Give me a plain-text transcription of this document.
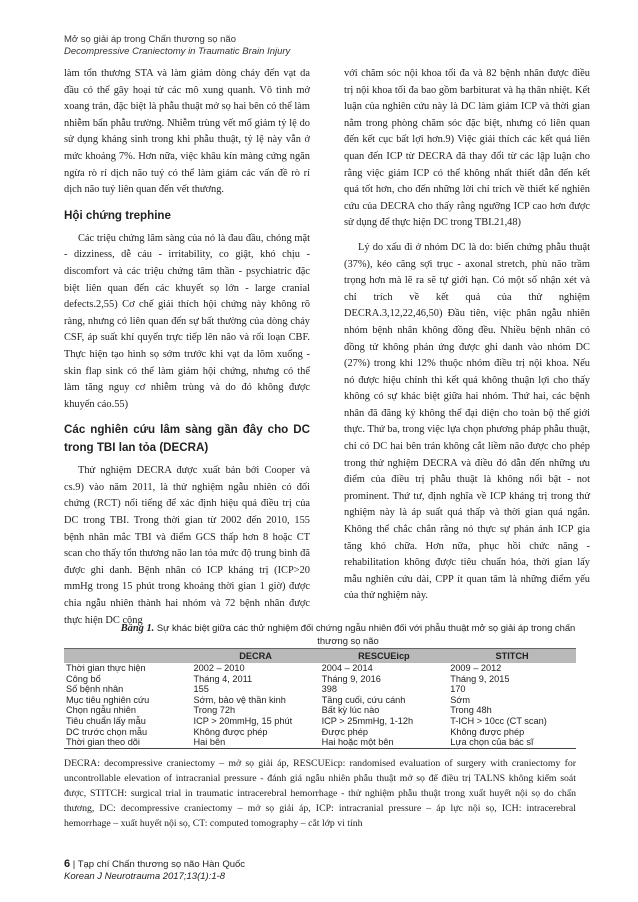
Mở sọ giải áp trong Chấn thương sọ não
Decompressive Craniectomy in Traumatic Brain Injury

làm tổn thương STA và làm giảm dòng chảy đến vạt da đầu có thể gây hoại tử các mô xung quanh. Vô tình mở xoang trán, đặc biệt là phẫu thuật mở sọ hai bên có thể làm nhiễm bẩn phẫu trường. Nhiễm trùng vết mổ giảm tỷ lệ do sử dụng kháng sinh trong khi phẫu thuật, tỷ lệ này vẫn ở mức khoảng 7%. Hơn nữa, việc khâu kín màng cứng ngăn ngừa rò rỉ dịch não tuỷ có thể làm giảm các vấn đề rò rỉ dịch não tuỷ liên quan đến vết thương.

Hội chứng trephine

Các triệu chứng lâm sàng của nó là đau đầu, chóng mặt - dizziness, dễ cáu - irritability, co giật, khó chịu - discomfort và các triệu chứng tâm thần - psychiatric đặc biệt liên quan đến các khuyết sọ lớn - large cranial defects.2,55) Cơ chế giải thích hội chứng này không rõ ràng, nhưng có liên quan đến sự bất thường của dòng chảy CSF, áp suất khí quyển trực tiếp lên não và rối loạn CBF. Thực hiện tạo hình sọ sớm trước khi vạt da lõm xuống - skin flap sink có thể làm giảm hội chứng, nhưng có thể làm tăng nguy cơ nhiễm trùng và do đó không được khuyến cáo.55)

Các nghiên cứu lâm sàng gần đây cho DC trong TBI lan tỏa (DECRA)

Thử nghiệm DECRA được xuất bản bởi Cooper và cs.9) vào năm 2011, là thử nghiệm ngẫu nhiên có đối chứng (RCT) nổi tiếng để xác định hiệu quả điều trị của DC trong TBI. Trong thời gian từ 2002 đến 2010, 155 bệnh nhân mắc TBI và điểm GCS thấp hơn 8 hoặc CT scan cho thấy tổn thương não lan tỏa mức độ trung bình đã được ghi danh. Bệnh nhân có ICP kháng trị (ICP>20 mmHg trong 15 phút trong khoảng thời gian 1 giờ) được chia ngẫu nhiên thành hai nhóm và 72 bệnh nhân được thực hiện DC cộng

với chăm sóc nội khoa tối đa và 82 bệnh nhân được điều trị nội khoa tối đa bao gồm barbiturat và hạ thân nhiệt. Kết luận của nghiên cứu này là DC làm giảm ICP và thời gian nằm trong phòng chăm sóc đặc biệt, nhưng có liên quan đến kết cục bất lợi hơn.9) Việc giải thích các kết quả liên quan đến ICP từ DECRA đã thay đổi từ các lập luận cho rằng việc giảm ICP có thể không nhất thiết dẫn đến kết quả tốt hơn, cho đến những lời chỉ trích về thiết kế nghiên cứu của DECRA cho thấy rằng ngưỡng ICP cao hơn được sử dụng để thực hiện DC trong TBI.21,48)

Lý do xấu đi ở nhóm DC là do: biến chứng phẫu thuật (37%), kéo căng sợi trục - axonal stretch, phù não trầm trọng hơn mà lẽ ra sẽ tự giới hạn. Có một số nhận xét và chỉ trích về kết quả của thử nghiệm DECRA.3,12,22,46,50) Đầu tiên, việc phân ngẫu nhiên nhóm bệnh nhân không đồng đều. Nhiều bệnh nhân có đồng tử không phản ứng được ghi danh vào nhóm DC (27%) trong khi 12% thuộc nhóm điều trị nội khoa. Nếu nó được hiệu chỉnh thì kết quả không thuận lợi cho thấy không có sự khác biệt giữa hai nhóm. Thứ hai, các bệnh nhân đã đăng ký không thể đại diện cho toàn bộ thế giới thực. Thứ ba, trong việc lựa chọn phương pháp phẫu thuật, chỉ có DC hai bên trán không cắt liềm não được cho phép trong thử nghiệm DECRA và điều đó dẫn đến những ưu điểm của điều trị phẫu thuật là không nổi bật - not prominent. Thứ tư, định nghĩa về ICP kháng trị trong thử nghiệm này là áp suất quá thấp và thời gian quá ngắn. Không thể chắc chắn rằng nó thực sự phản ánh ICP gia tăng khó chữa. Hơn nữa, phục hồi chức năng - rehabilitation không được tiêu chuẩn hóa, thời gian lấy mẫu nghiên cứu dài, CPP ít quan tâm là những điểm yếu của thử nghiệm này.

Bảng 1. Sự khác biệt giữa các thử nghiệm đối chứng ngẫu nhiên đối với phẫu thuật mở sọ giải áp trong chấn thương sọ não
	DECRA	RESCUEicp	STITCH
Thời gian thực hiện	2002 – 2010	2004 – 2014	2009 – 2012
Công bố	Tháng 4, 2011	Tháng 9, 2016	Tháng 9, 2015
Số bệnh nhân	155	398	170
Mục tiêu nghiên cứu	Sớm, bảo vệ thần kinh	Tầng cuối, cứu cánh	Sớm
Chọn ngẫu nhiên	Trong 72h	Bất kỳ lúc nào	Trong 48h
Tiêu chuẩn lấy mẫu	ICP > 20mmHg, 15 phút	ICP > 25mmHg, 1-12h	T-ICH > 10cc (CT scan)
DC trước chọn mẫu	Không được phép	Được phép	Không được phép
Thời gian theo dõi	Hai bên	Hai hoặc một bên	Lựa chọn của bác sĩ
DECRA: decompressive craniectomy – mở sọ giải áp, RESCUEicp: randomised evaluation of surgery with craniectomy for uncontrollable elevation of intracranial pressure - đánh giá ngẫu nhiên phẫu thuật mở sọ để điều trị TALNS không kiểm soát được, STITCH: surgical trial in traumatic intracerebral hemorrhage - thử nghiệm phẫu thuật trong xuất huyết nội sọ do chấn thương, DC: decompressive craniectomy – mở sọ giải áp, ICP: intracranial pressure – áp lực nội sọ, ICH: intracerebral hemorrhage – xuất huyết nội sọ, CT: computed tomography – cắt lớp vi tính
6 | Tạp chí Chấn thương sọ não Hàn Quốc
Korean J Neurotrauma 2017;13(1):1-8
